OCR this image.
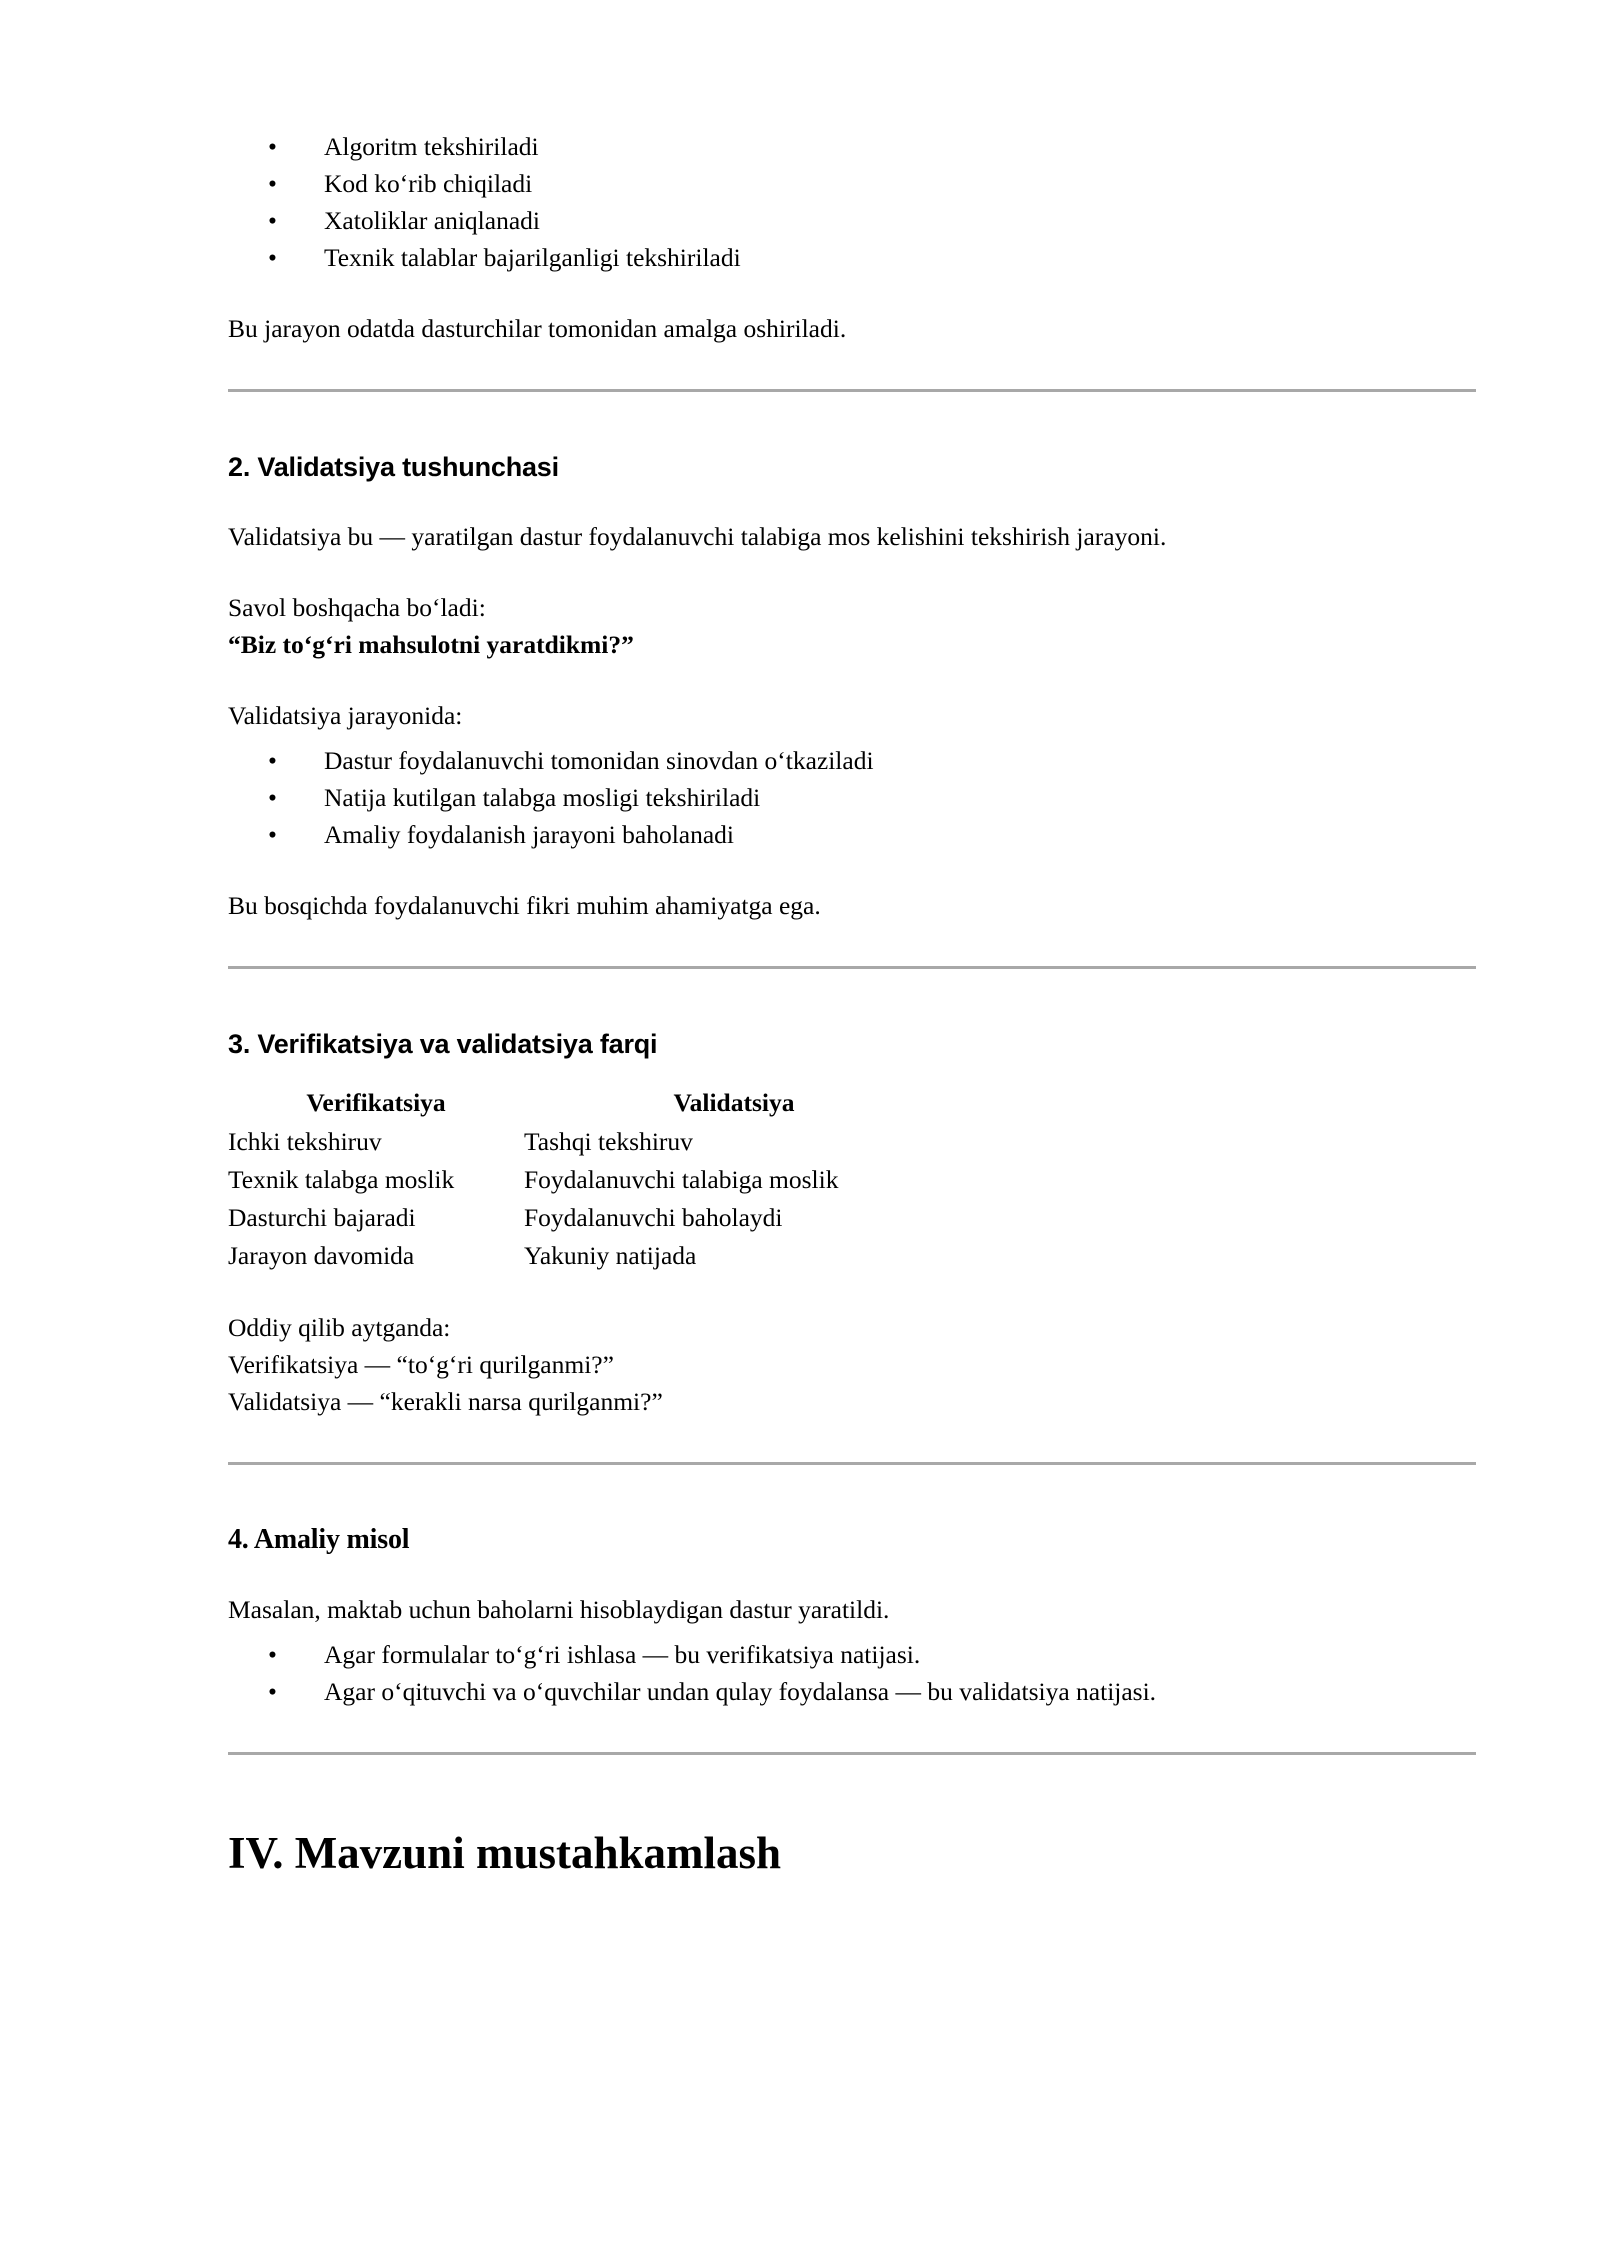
• Algoritm tekshiriladi
• Kod ko‘rib chiqiladi
• Xatoliklar aniqlanadi
• Texnik talablar bajarilganligi tekshiriladi

Bu jarayon odatda dasturchilar tomonidan amalga oshiriladi.

2. Validatsiya tushunchasi

Validatsiya bu — yaratilgan dastur foydalanuvchi talabiga mos kelishini tekshirish jarayoni.

Savol boshqacha bo‘ladi:

“Biz to‘g‘ri mahsulotni yaratdikmi?”

Validatsiya jarayonida:

• Dastur foydalanuvchi tomonidan sinovdan o‘tkaziladi
• Natija kutilgan talabga mosligi tekshiriladi
• Amaliy foydalanish jarayoni baholanadi

Bu bosqichda foydalanuvchi fikri muhim ahamiyatga ega.

3. Verifikatsiya va validatsiya farqi
Verifikatsiya	Validatsiya
Ichki tekshiruv	Tashqi tekshiruv
Texnik talabga moslik	Foydalanuvchi talabiga moslik
Dasturchi bajaradi	Foydalanuvchi baholaydi
Jarayon davomida	Yakuniy natijada

Oddiy qilib aytganda:

Verifikatsiya — “to‘g‘ri qurilganmi?”

Validatsiya — “kerakli narsa qurilganmi?”

4. Amaliy misol

Masalan, maktab uchun baholarni hisoblaydigan dastur yaratildi.

• Agar formulalar to‘g‘ri ishlasa — bu verifikatsiya natijasi.
• Agar o‘qituvchi va o‘quvchilar undan qulay foydalansa — bu validatsiya natijasi.
IV. Mavzuni mustahkamlash
